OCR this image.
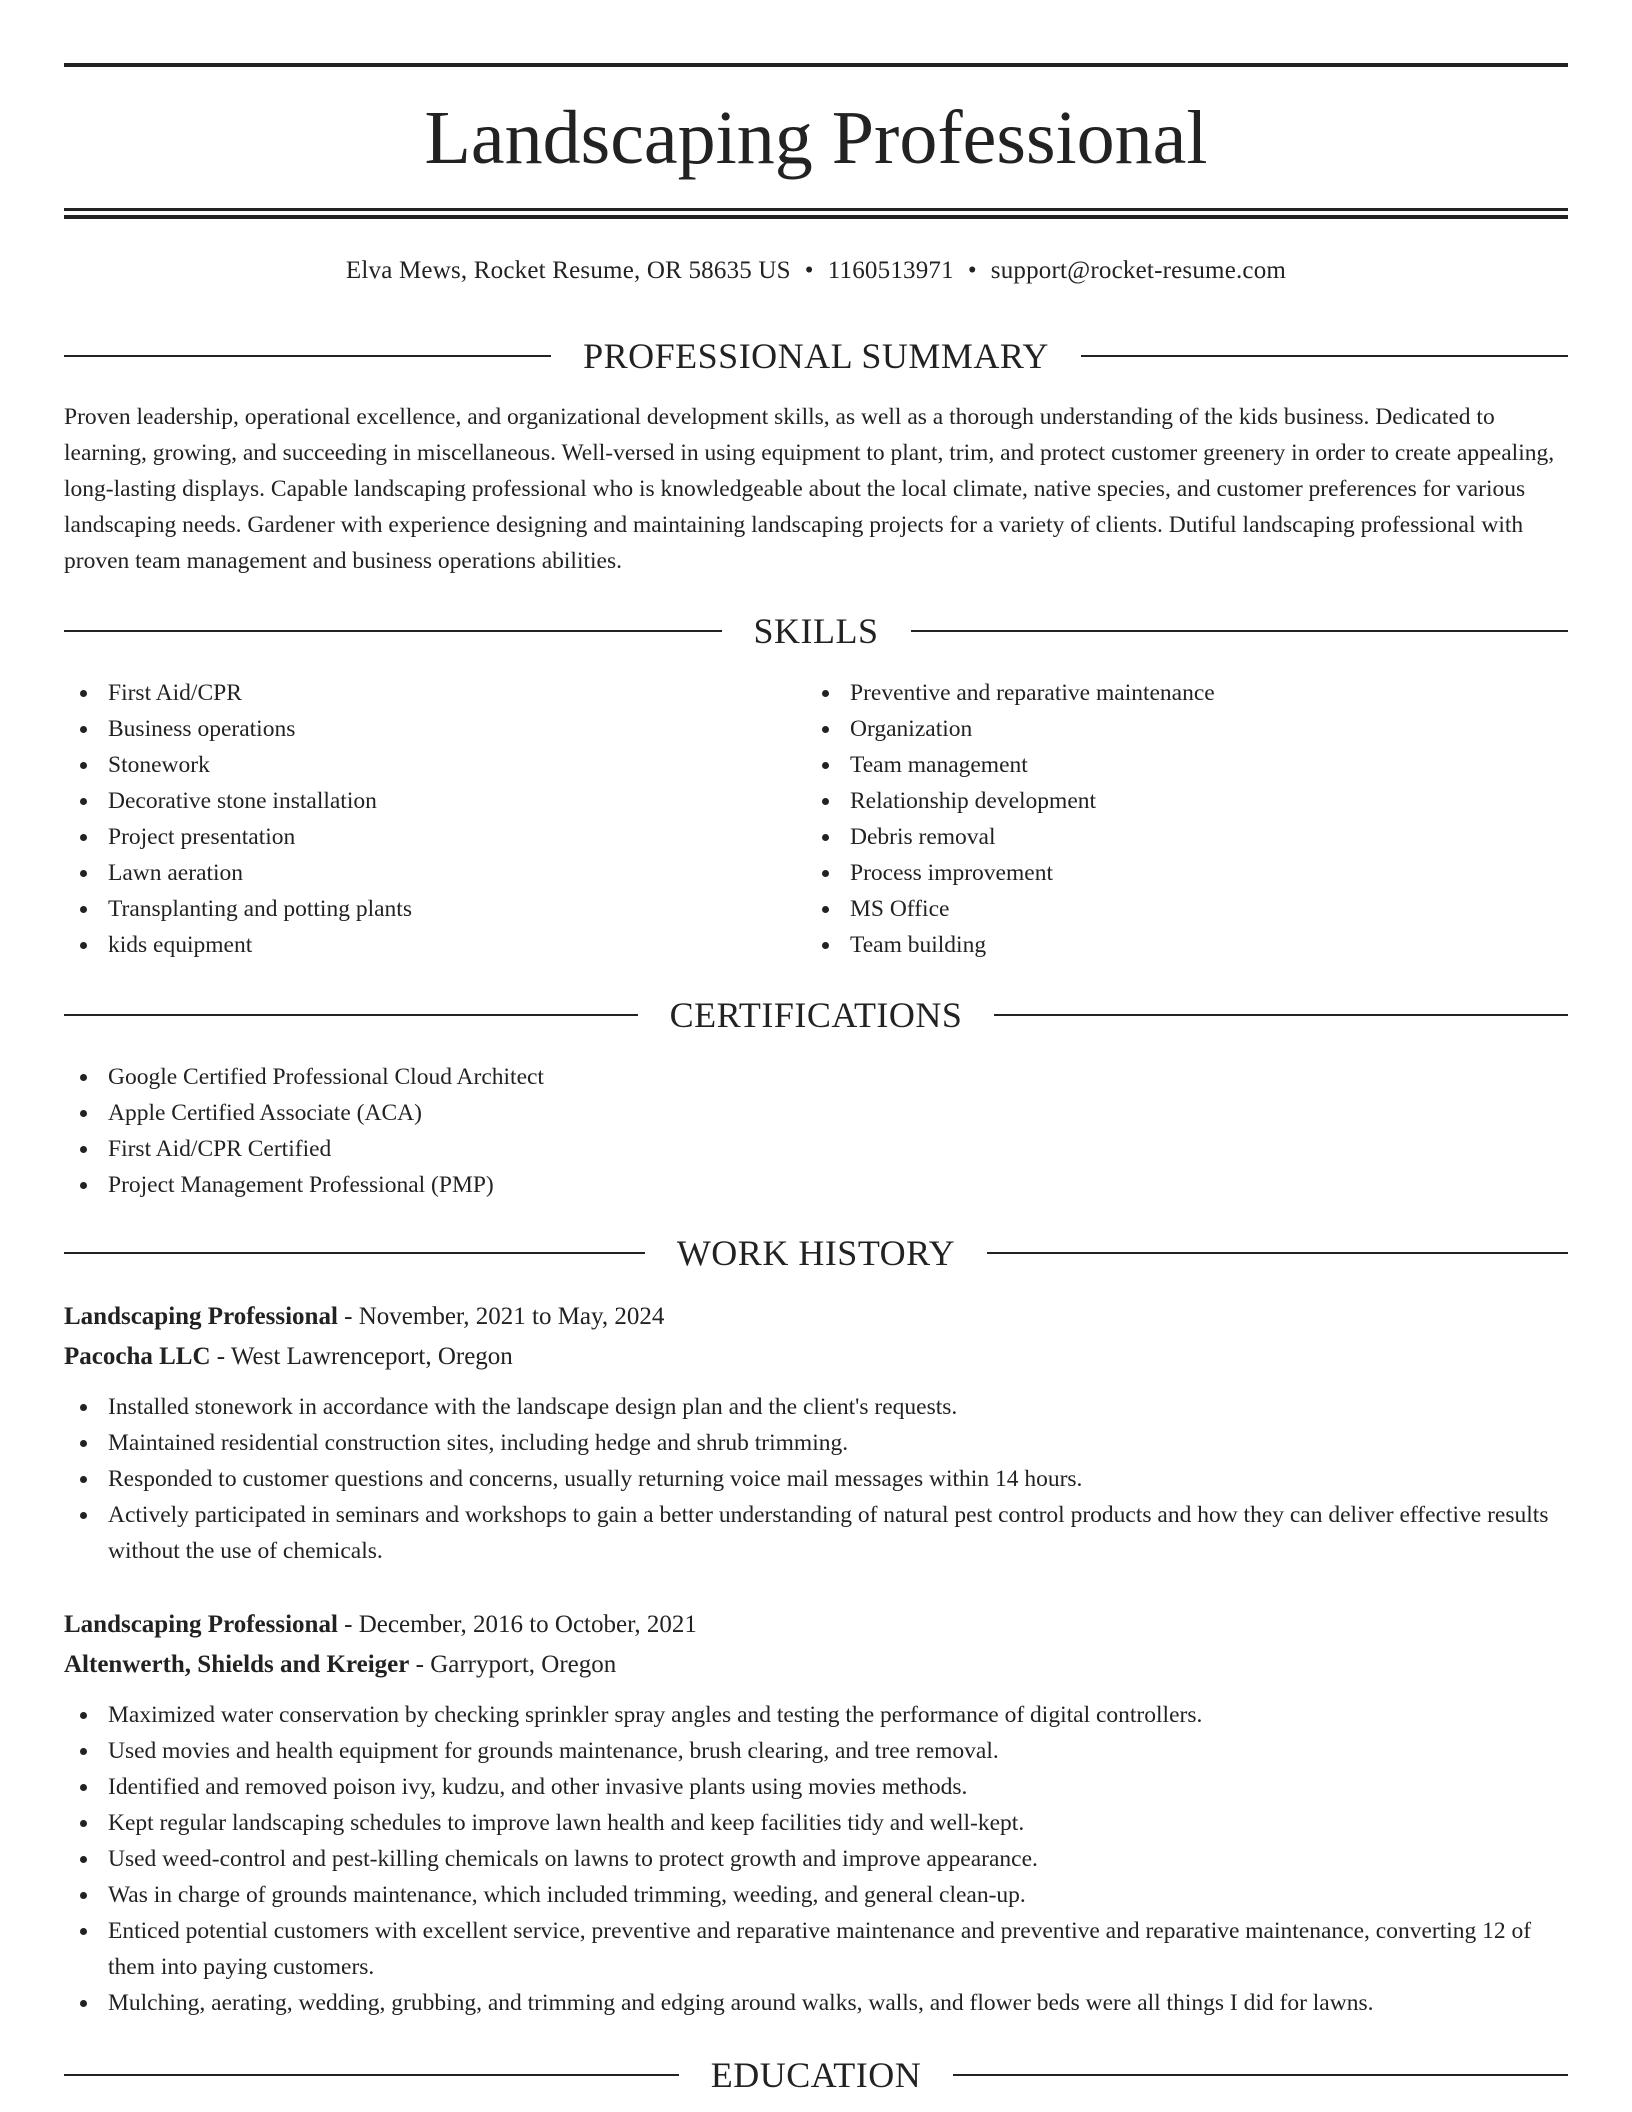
Landscaping Professional
Elva Mews, Rocket Resume, OR 58635 US • 1160513971 • support@rocket-resume.com
PROFESSIONAL SUMMARY

Proven leadership, operational excellence, and organizational development skills, as well as a thorough understanding of the kids business. Dedicated to learning, growing, and succeeding in miscellaneous. Well-versed in using equipment to plant, trim, and protect customer greenery in order to create appealing, long-lasting displays. Capable landscaping professional who is knowledgeable about the local climate, native species, and customer preferences for various landscaping needs. Gardener with experience designing and maintaining landscaping projects for a variety of clients. Dutiful landscaping professional with proven team management and business operations abilities.

SKILLS
First Aid/CPR
Business operations
Stonework
Decorative stone installation
Project presentation
Lawn aeration
Transplanting and potting plants
kids equipment
Preventive and reparative maintenance
Organization
Team management
Relationship development
Debris removal
Process improvement
MS Office
Team building
CERTIFICATIONS
Google Certified Professional Cloud Architect
Apple Certified Associate (ACA)
First Aid/CPR Certified
Project Management Professional (PMP)
WORK HISTORY
Landscaping Professional - November, 2021 to May, 2024
Pacocha LLC - West Lawrenceport, Oregon
Installed stonework in accordance with the landscape design plan and the client's requests.
Maintained residential construction sites, including hedge and shrub trimming.
Responded to customer questions and concerns, usually returning voice mail messages within 14 hours.
Actively participated in seminars and workshops to gain a better understanding of natural pest control products and how they can deliver effective results without the use of chemicals.
Landscaping Professional - December, 2016 to October, 2021
Altenwerth, Shields and Kreiger - Garryport, Oregon
Maximized water conservation by checking sprinkler spray angles and testing the performance of digital controllers.
Used movies and health equipment for grounds maintenance, brush clearing, and tree removal.
Identified and removed poison ivy, kudzu, and other invasive plants using movies methods.
Kept regular landscaping schedules to improve lawn health and keep facilities tidy and well-kept.
Used weed-control and pest-killing chemicals on lawns to protect growth and improve appearance.
Was in charge of grounds maintenance, which included trimming, weeding, and general clean-up.
Enticed potential customers with excellent service, preventive and reparative maintenance and preventive and reparative maintenance, converting 12 of them into paying customers.
Mulching, aerating, wedding, grubbing, and trimming and edging around walks, walls, and flower beds were all things I did for lawns.
EDUCATION
